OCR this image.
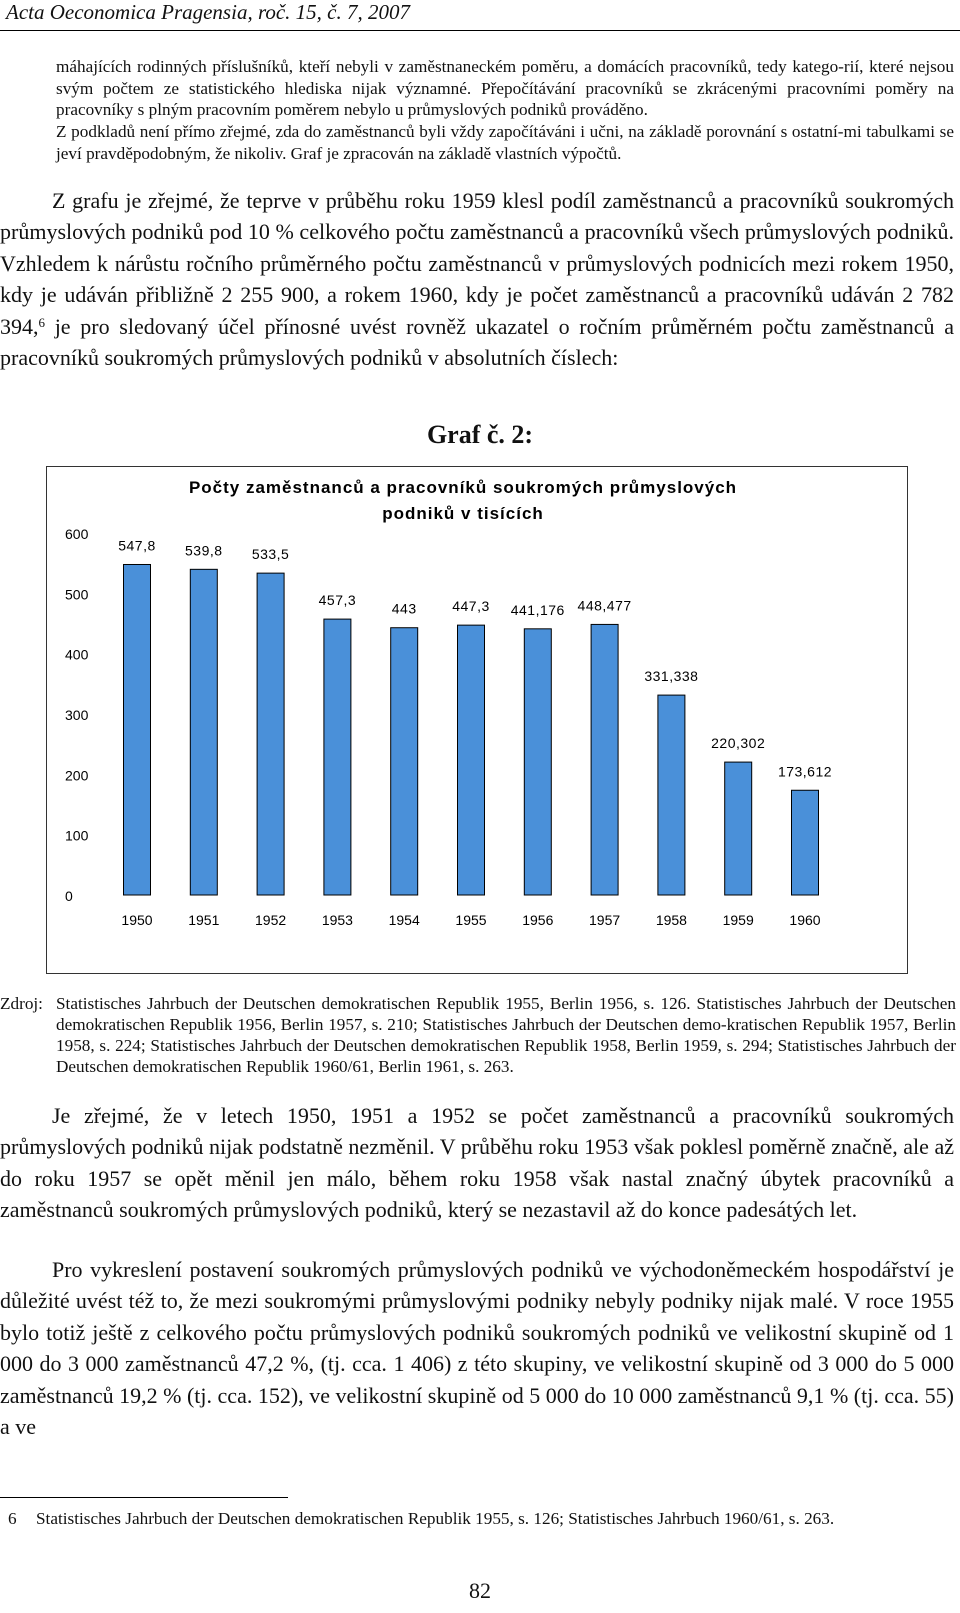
Acta Oeconomica Pragensia, roč. 15, č. 7, 2007
máhajících rodinných příslušníků, kteří nebyli v zaměstnaneckém poměru, a domácích pracovníků, tedy katego-rií, které nejsou svým počtem ze statistického hlediska nijak významné. Přepočítávání pracovníků se zkrácenými pracovními poměry na pracovníky s plným pracovním poměrem nebylo u průmyslových podniků prováděno.
Z podkladů není přímo zřejmé, zda do zaměstnanců byli vždy započítáváni i učni, na základě porovnání s ostatní-mi tabulkami se jeví pravděpodobným, že nikoliv. Graf je zpracován na základě vlastních výpočtů.
Z grafu je zřejmé, že teprve v průběhu roku 1959 klesl podíl zaměstnanců a pracovníků soukromých průmyslových podniků pod 10 % celkového počtu zaměstnanců a pracovníků všech průmyslových podniků. Vzhledem k nárůstu ročního průměrného počtu zaměstnanců v průmyslových podnicích mezi rokem 1950, kdy je udáván přibližně 2 255 900, a rokem 1960, kdy je počet zaměstnanců a pracovníků udáván 2 782 394,$^6$ je pro sledovaný účel přínosné uvést rovněž ukazatel o ročním průměrném počtu zaměstnanců a pracovníků soukromých průmyslových podniků v absolutních číslech:
Graf č. 2:
Počty zaměstnanců a pracovníků soukromých průmyslových
podniků v tisících
0
100
200
300
400
500
600
547,8 539,8 533,5
457,3
443	447,3 441,176 448,477
331,338
220,302
173,612
1950	1951	1952	1953	1954	1955	1956	1957	1958	1959	1960
Zdroj: Statistisches Jahrbuch der Deutschen demokratischen Republik 1955, Berlin 1956, s. 126. Statistisches Jahrbuch der Deutschen demokratischen Republik 1956, Berlin 1957, s. 210; Statistisches Jahrbuch der Deutschen demo-kratischen Republik 1957, Berlin 1958, s. 224; Statistisches Jahrbuch der Deutschen demokratischen Republik 1958, Berlin 1959, s. 294; Statistisches Jahrbuch der Deutschen demokratischen Republik 1960/61, Berlin 1961, s. 263.
Je zřejmé, že v letech 1950, 1951 a 1952 se počet zaměstnanců a pracovníků soukromých průmyslových podniků nijak podstatně nezměnil. V průběhu roku 1953 však poklesl poměrně značně, ale až do roku 1957 se opět měnil jen málo, během roku 1958 však nastal značný úbytek pracovníků a zaměstnanců soukromých průmyslových podniků, který se nezastavil až do konce padesátých let.
Pro vykreslení postavení soukromých průmyslových podniků ve východoněmeckém hospodářství je důležité uvést též to, že mezi soukromými průmyslovými podniky nebyly podniky nijak malé. V roce 1955 bylo totiž ještě z celkového počtu průmyslových podniků soukromých podniků ve velikostní skupině od 1 000 do 3 000 zaměstnanců 47,2 %, (tj. cca. 1 406) z této skupiny, ve velikostní skupině od 3 000 do 5 000 zaměstnanců 19,2 % (tj. cca. 152), ve velikostní skupině od 5 000 do 10 000 zaměstnanců 9,1 % (tj. cca. 55) a ve
6 Statistisches Jahrbuch der Deutschen demokratischen Republik 1955, s. 126; Statistisches Jahrbuch 1960/61, s. 263.
82
